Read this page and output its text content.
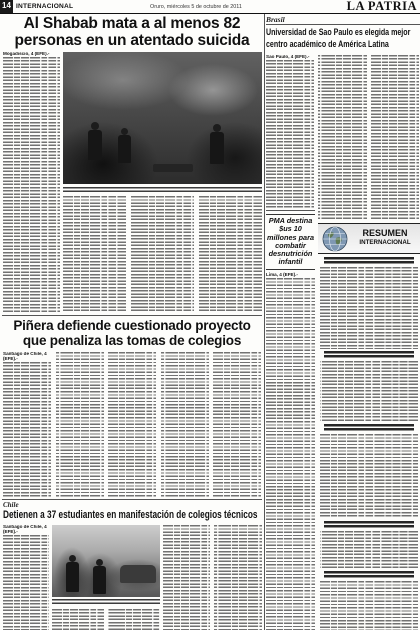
14 INTERNACIONAL	Oruro, miércoles 5 de octubre de 2011	LA PATRIA
Al Shabab mata a al menos 82 personas en un atentado suicida
Mogadiscio, 4 (EFE).-
Piñera defiende cuestionado proyecto que penaliza las tomas de colegios
Santiago de Chile, 4 (EFE).-
Chile
Detienen a 37 estudiantes en manifestación de colegios técnicos
Santiago de Chile, 4 (EFE).-
Brasil
Universidad de Sao Paulo es elegida mejor centro académico de América Latina
Sao Paulo, 4 (EFE).-
PMA destina $us 10 millones para combatir desnutrición infantil
Lima, 4 (EFE).-
RESUMEN
INTERNACIONAL
